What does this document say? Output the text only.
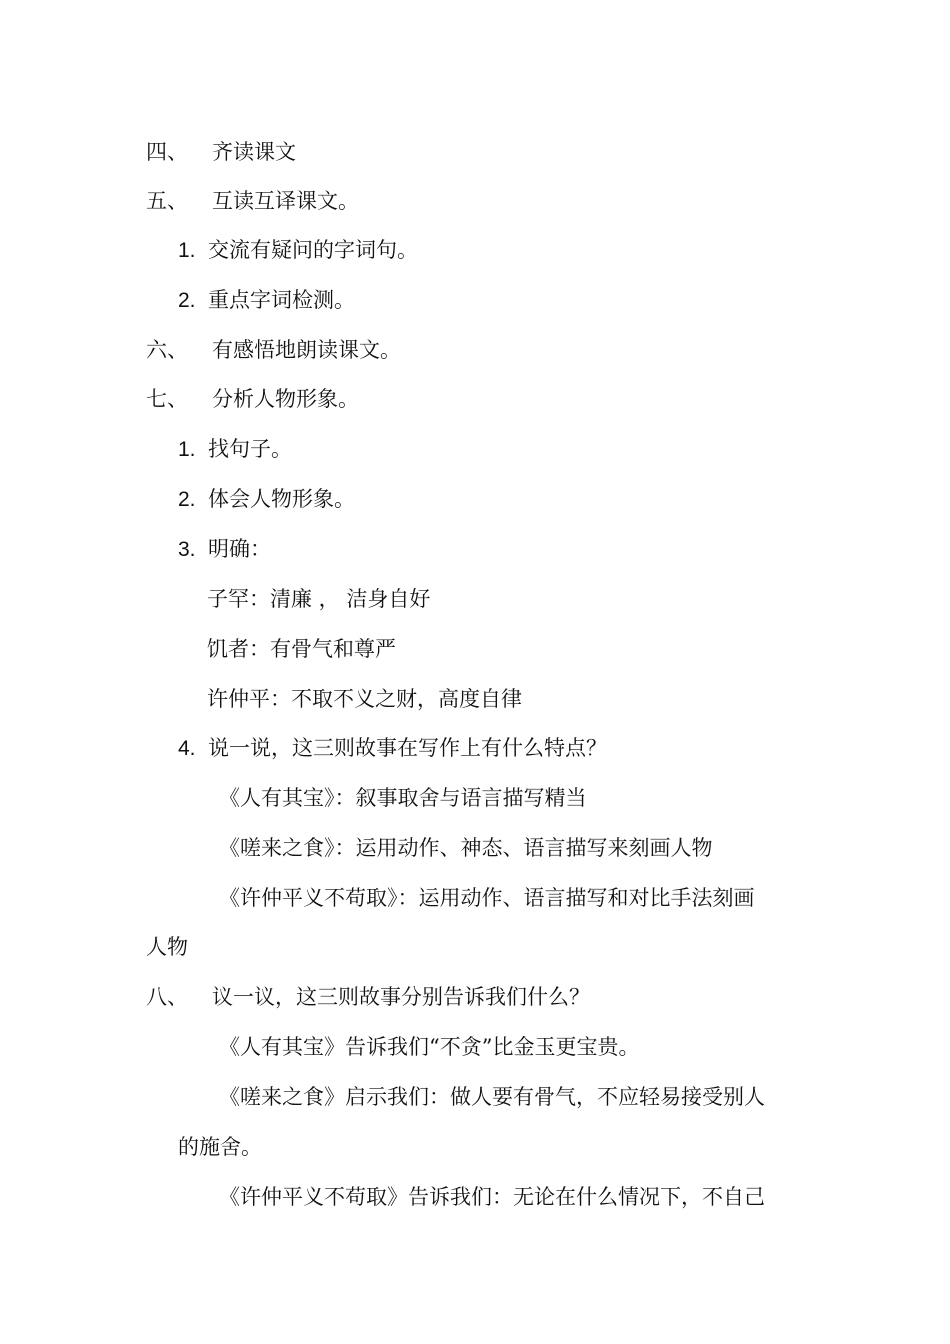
四、 齐读课文
五、 互读互译课文。
1. 交流有疑问的字词句。
2. 重点字词检测。
六、 有感悟地朗读课文。
七、 分析人物形象。
1. 找句子。
2. 体会人物形象。
3. 明确：
子罕：清廉 ， 洁身自好
饥者：有骨气和尊严
许仲平：不取不义之财，高度自律
4. 说一说，这三则故事在写作上有什么特点？
《人有其宝》：叙事取舍与语言描写精当
《嗟来之食》：运用动作、神态、语言描写来刻画人物
《许仲平义不苟取》：运用动作、语言描写和对比手法刻画
人物
八、 议一议，这三则故事分别告诉我们什么？
《人有其宝》告诉我们“不贪”比金玉更宝贵。
《嗟来之食》启示我们：做人要有骨气，不应轻易接受别人
的施舍。
《许仲平义不苟取》告诉我们：无论在什么情况下，不自己
